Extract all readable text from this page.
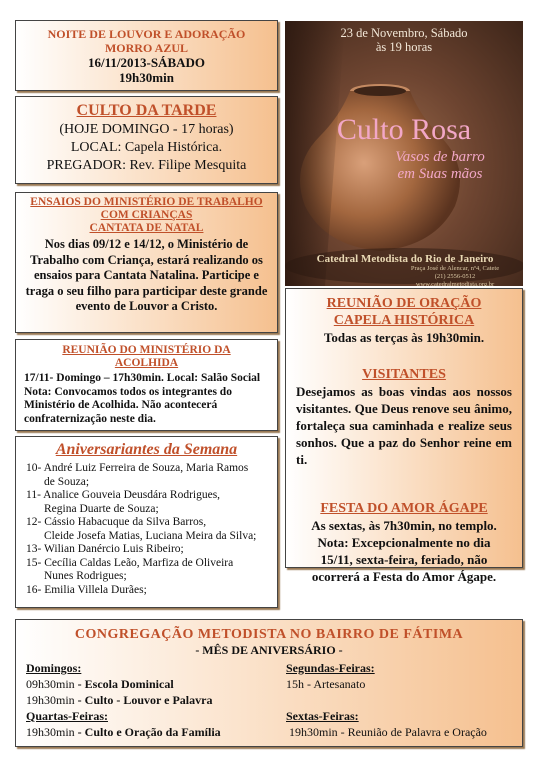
NOITE DE LOUVOR E ADORAÇÃO
MORRO AZUL
16/11/2013-SÁBADO
19h30min
CULTO DA TARDE
(HOJE DOMINGO - 17 horas)
LOCAL: Capela Histórica.
PREGADOR: Rev. Filipe Mesquita
ENSAIOS DO MINISTÉRIO DE TRABALHO
COM CRIANÇAS
CANTATA DE NATAL
Nos dias 09/12 e 14/12, o Ministério de Trabalho com Criança, estará realizando os ensaios para Cantata Natalina. Participe e traga o seu filho para participar deste grande evento de Louvor a Cristo.
REUNIÃO DO MINISTÉRIO DA
ACOLHIDA
17/11- Domingo – 17h30min. Local: Salão Social Nota: Convocamos todos os integrantes do Ministério de Acolhida. Não acontecerá confraternização neste dia.
Aniversariantes da Semana
10- André Luiz Ferreira de Souza, Maria Ramos
de Souza;
11- Analice Gouveia Deusdára Rodrigues,
Regina Duarte de Souza;
12- Cássio Habacuque da Silva Barros,
Cleide Josefa Matias, Luciana Meira da Silva;
13- Wilian Danércio Luis Ribeiro;
15- Cecília Caldas Leão, Marfiza de Oliveira
Nunes Rodrigues;
16- Emilia Villela Durães;
23 de Novembro, Sábado
às 19 horas
Culto Rosa
Vasos de barro
em Suas mãos
Catedral Metodista do Rio de Janeiro
Praça José de Alencar, nº4, Catete
(21) 2556-0512
www.catedralmetodista.org.br
REUNIÃO DE ORAÇÃO
CAPELA HISTÓRICA
Todas as terças às 19h30min.
VISITANTES
Desejamos as boas vindas aos nossos visitantes. Que Deus renove seu ânimo, fortaleça sua caminhada e realize seus sonhos. Que a paz do Senhor reine em ti.
FESTA DO AMOR ÁGAPE
As sextas, às 7h30min, no templo.
Nota: Excepcionalmente no dia
15/11, sexta-feira, feriado, não
ocorrerá a Festa do Amor Ágape.
CONGREGAÇÃO METODISTA NO BAIRRO DE FÁTIMA
- MÊS DE ANIVERSÁRIO -
Domingos:
09h30min - Escola Dominical
19h30min - Culto - Louvor e Palavra
Quartas-Feiras:
19h30min - Culto e Oração da Família
Segundas-Feiras:
15h - Artesanato
Sextas-Feiras:
19h30min - Reunião de Palavra e Oração
